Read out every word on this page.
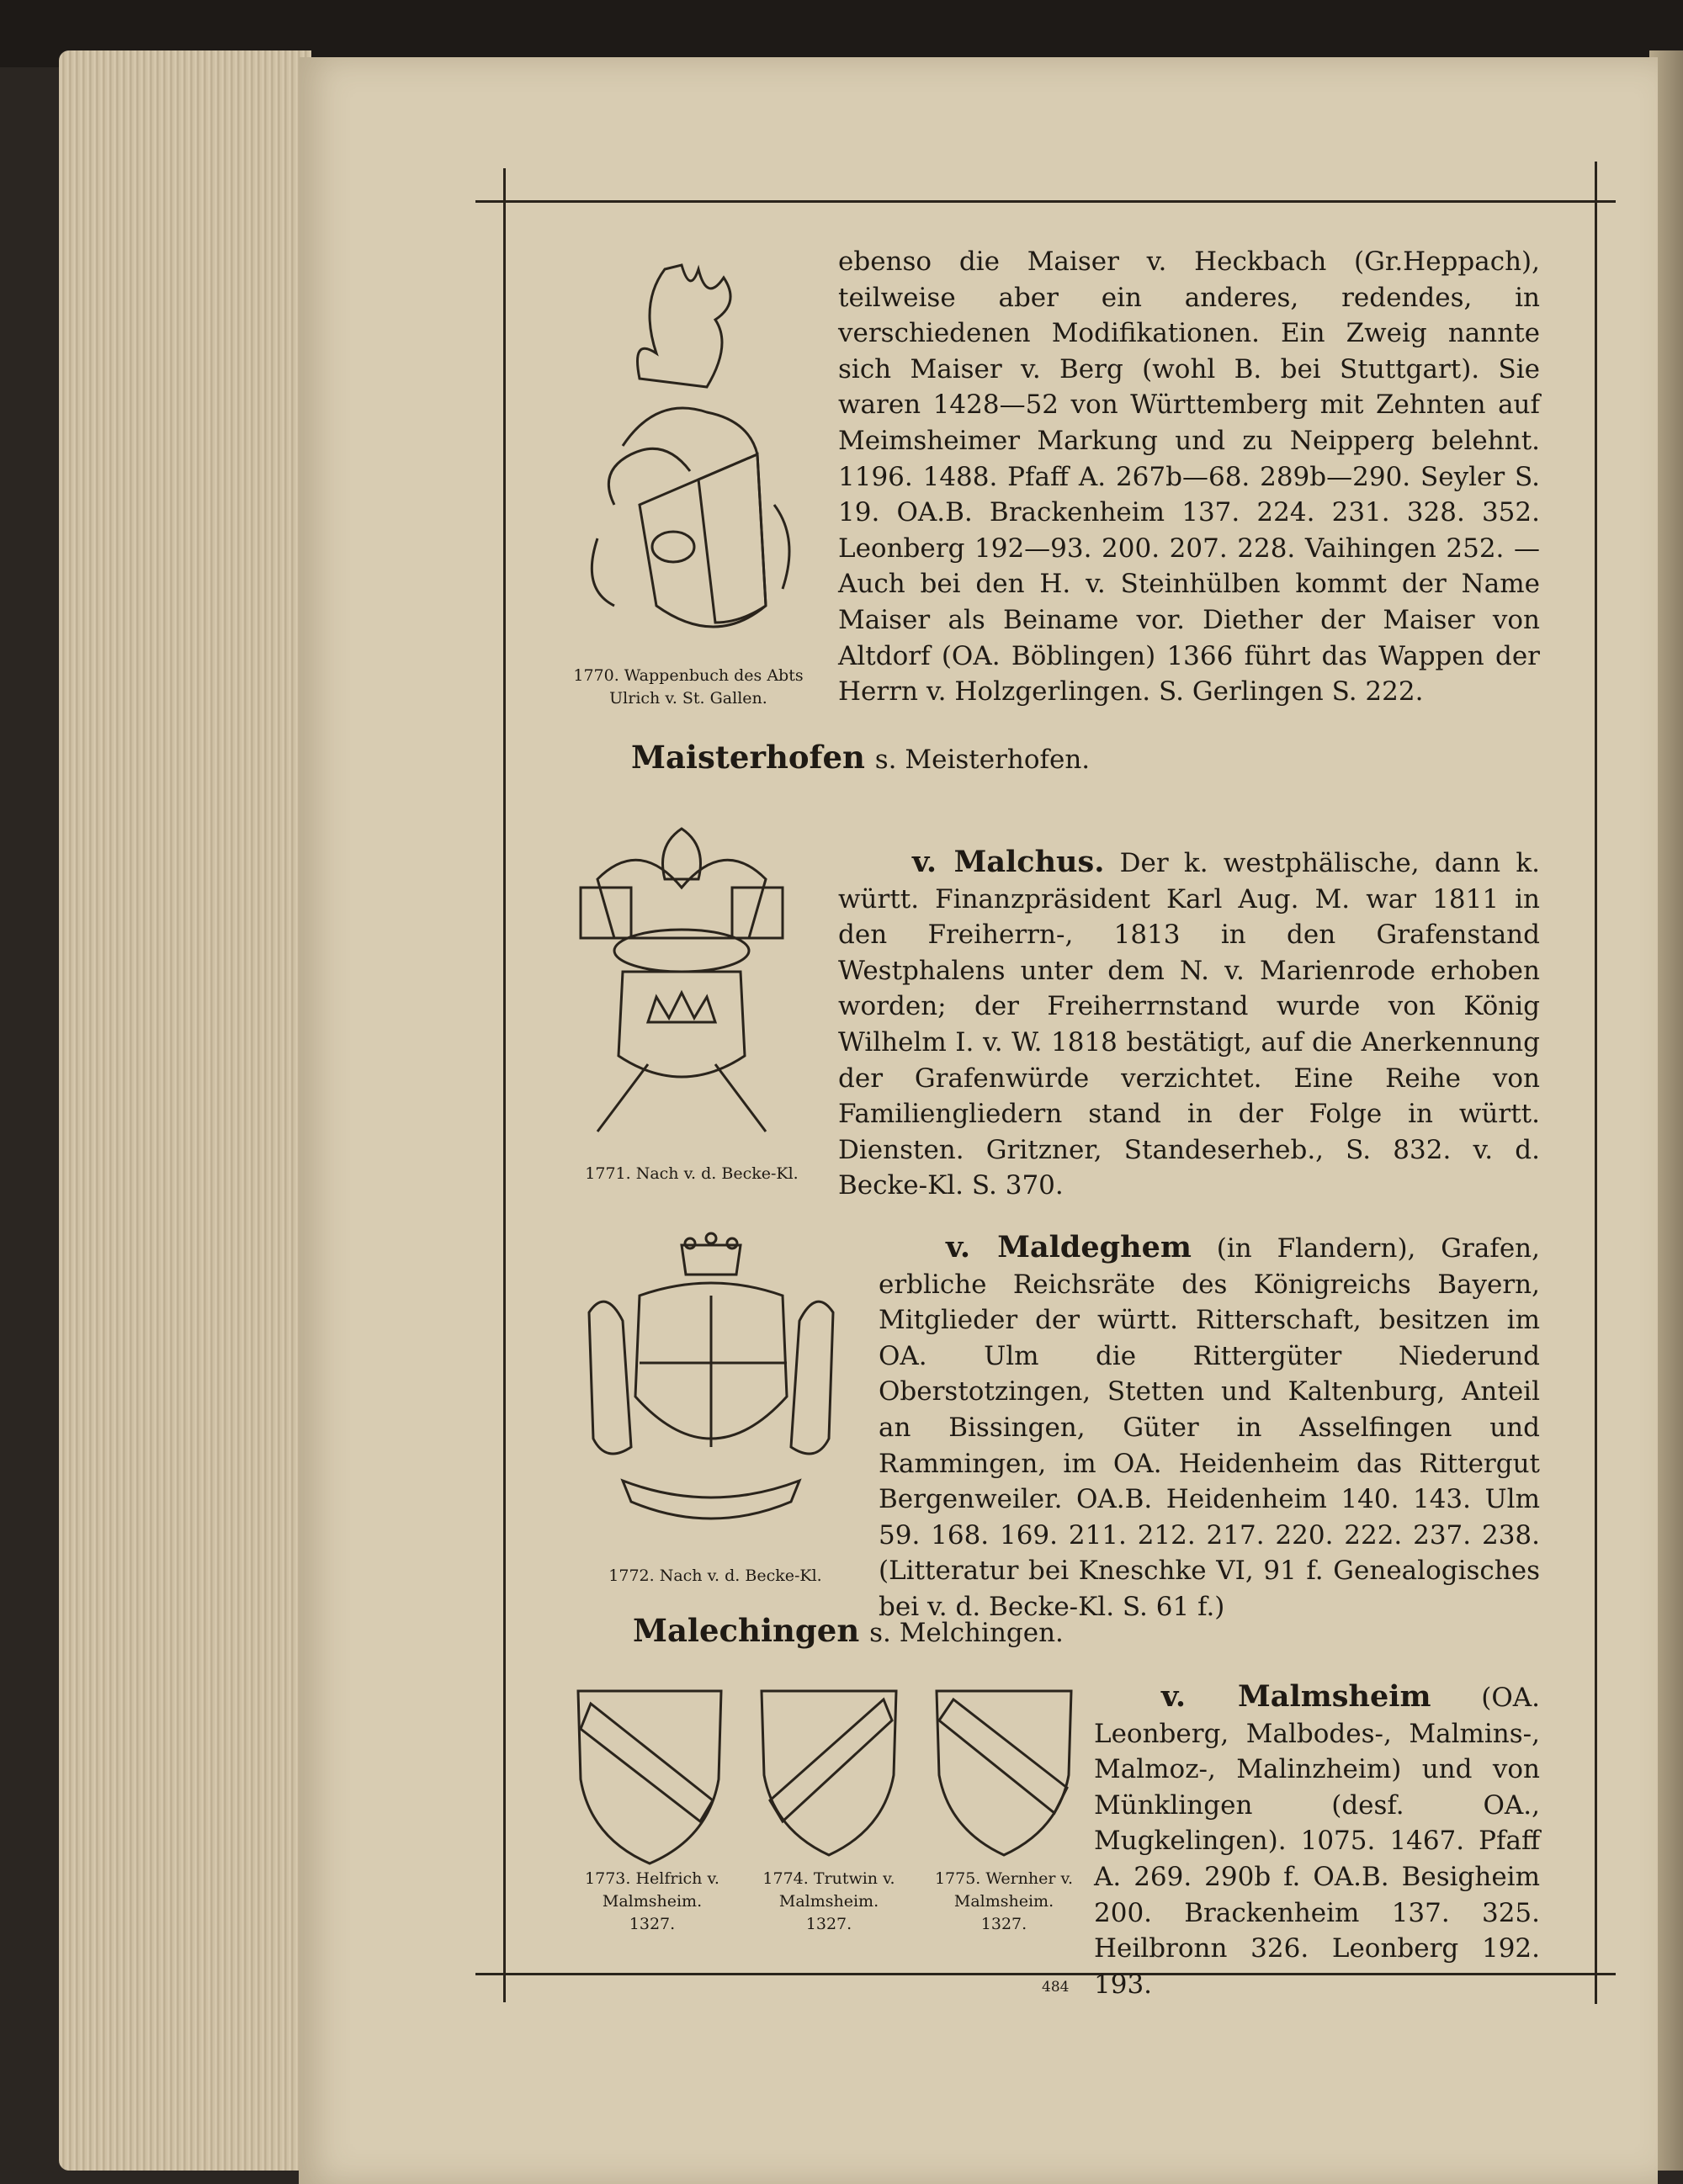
1770. Wappenbuch des Abts Ulrich v. St. Gallen.

ebenso die Maiser v. Heckbach (Gr.Heppach), teilweise aber ein anderes, redendes, in verschiedenen Modifikationen. Ein Zweig nannte sich Maiser v. Berg (wohl B. bei Stuttgart). Sie waren 1428—52 von Württemberg mit Zehnten auf Meimsheimer Markung und zu Neipperg belehnt. 1196. 1488. Pfaff A. 267b—68. 289b—290. Seyler S. 19. OA.B. Brackenheim 137. 224. 231. 328. 352. Leonberg 192—93. 200. 207. 228. Vaihingen 252. — Auch bei den H. v. Steinhülben kommt der Name Maiser als Beiname vor. Diether der Maiser von Altdorf (OA. Böblingen) 1366 führt das Wappen der Herrn v. Holzgerlingen. S. Gerlingen S. 222.

Maisterhofen s. Meisterhofen.
1771. Nach v. d. Becke-Kl.

v. Malchus. Der k. westphälische, dann k. württ. Finanzpräsident Karl Aug. M. war 1811 in den Freiherrn-, 1813 in den Grafenstand Westphalens unter dem N. v. Marienrode erhoben worden; der Freiherrnstand wurde von König Wilhelm I. v. W. 1818 bestätigt, auf die Anerkennung der Grafenwürde verzichtet. Eine Reihe von Familiengliedern stand in der Folge in württ. Diensten. Gritzner, Standeserheb., S. 832. v. d. Becke-Kl. S. 370.

1772. Nach v. d. Becke-Kl.

v. Maldeghem (in Flandern), Grafen, erbliche Reichsräte des Königreichs Bayern, Mitglieder der württ. Ritterschaft, besitzen im OA. Ulm die Rittergüter Niederund Oberstotzingen, Stetten und Kaltenburg, Anteil an Bissingen, Güter in Asselfingen und Rammingen, im OA. Heidenheim das Rittergut Bergenweiler. OA.B. Heidenheim 140. 143. Ulm 59. 168. 169. 211. 212. 217. 220. 222. 237. 238. (Litteratur bei Kneschke VI, 91 f. Genealogisches bei v. d. Becke-Kl. S. 61 f.)

Malechingen s. Melchingen.
1773. Helfrich v. Malmsheim. 1327.
1774. Trutwin v. Malmsheim. 1327.
1775. Wernher v. Malmsheim. 1327.

v. Malmsheim (OA. Leonberg, Malbodes-, Malmins-, Malmoz-, Malinzheim) und von Münklingen (desf. OA., Mugkelingen). 1075. 1467. Pfaff A. 269. 290b f. OA.B. Besigheim 200. Brackenheim 137. 325. Heilbronn 326. Leonberg 192. 193.

484
